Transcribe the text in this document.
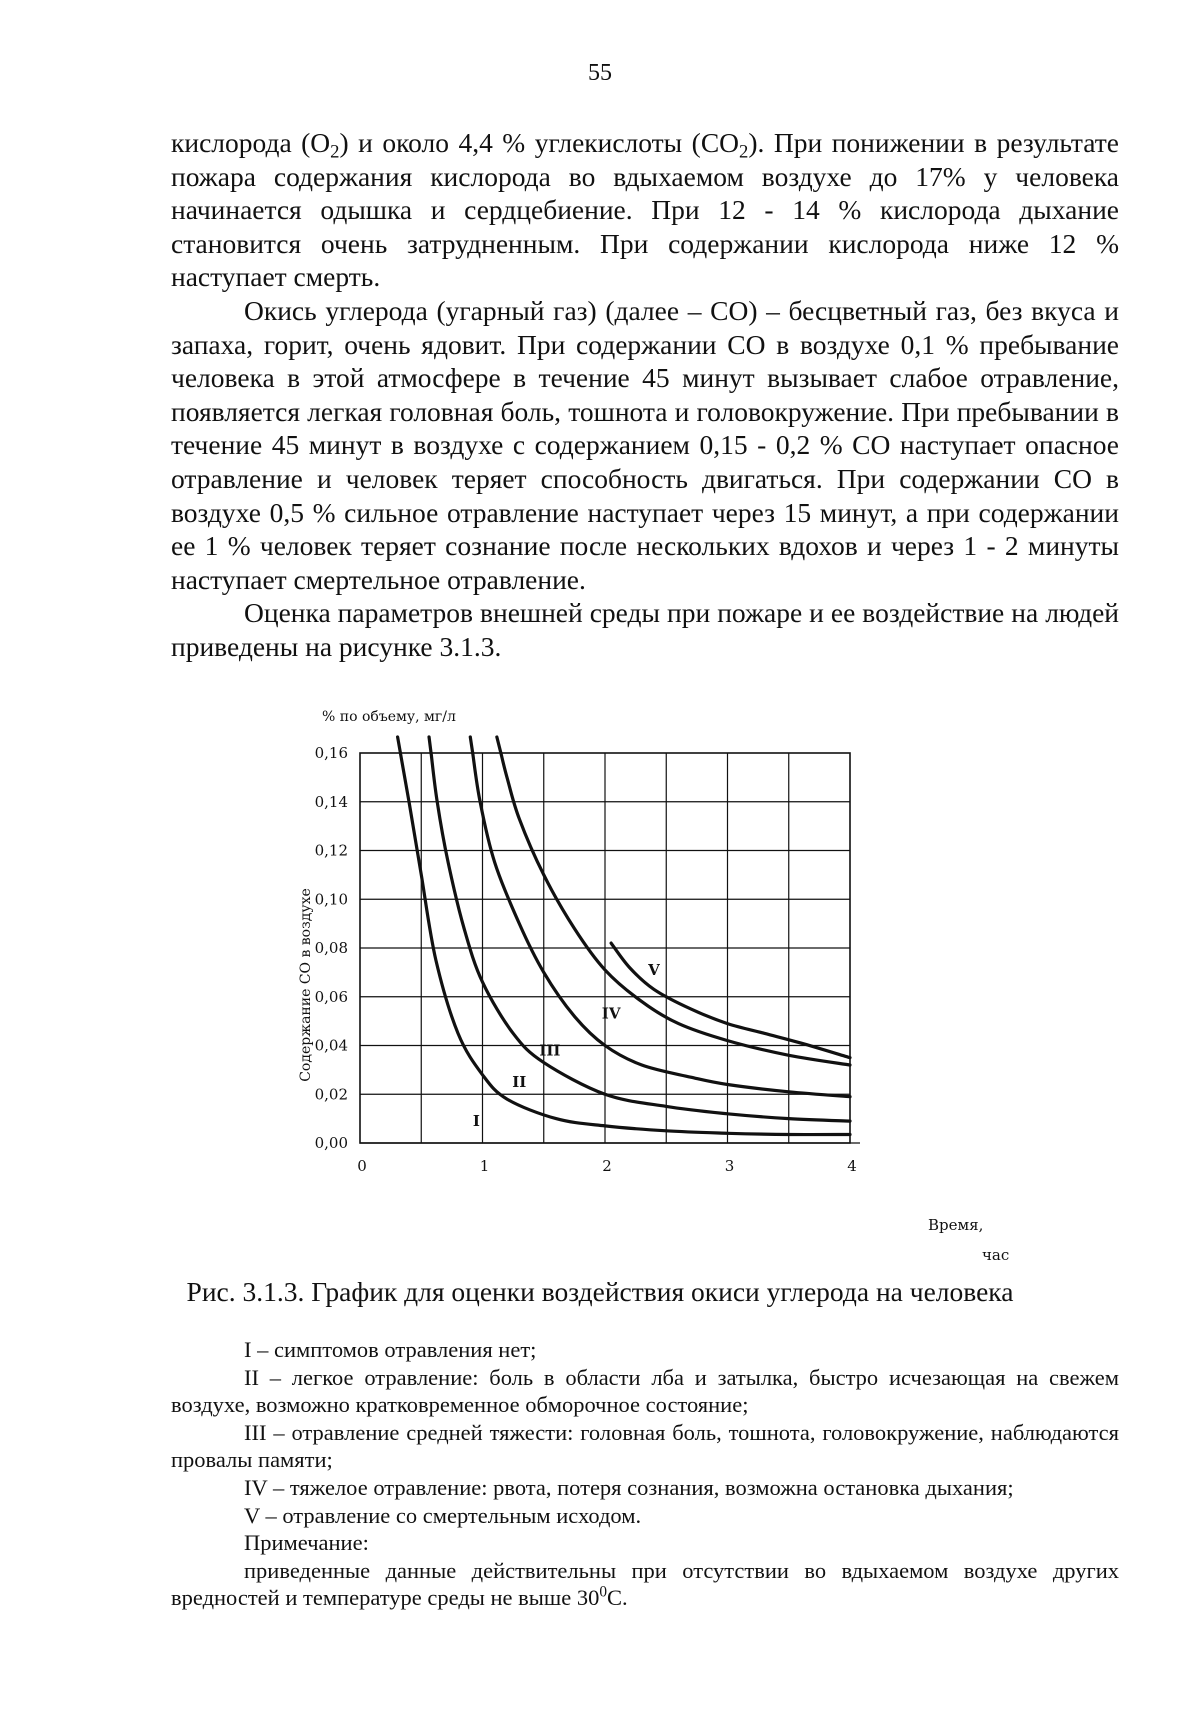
55

кислорода $(O_2)$ и около 4,4 % углекислоты $(CO_2)$. При понижении в результате пожара содержания кислорода во вдыхаемом воздухе до 17% у человека начинается одышка и сердцебиение. При 12 - 14 % кислорода дыхание становится очень затрудненным. При содержании кислорода ниже 12 % наступает смерть.

Окись углерода (угарный газ) (далее – СО) – бесцветный газ, без вкуса и запаха, горит, очень ядовит. При содержании СО в воздухе 0,1 % пребывание человека в этой атмосфере в течение 45 минут вызывает слабое отравление, появляется легкая головная боль, тошнота и головокружение. При пребывании в течение 45 минут в воздухе с содержанием 0,15 - 0,2 % СО наступает опасное отравление и человек теряет способность двигаться. При содержании СО в воздухе 0,5 % сильное отравление наступает через 15 минут, а при содержании ее 1 % человек теряет сознание после нескольких вдохов и через 1 - 2 минуты наступает смертельное отравление.

Оценка параметров внешней среды при пожаре и ее воздействие на людей приведены на рисунке 3.1.3.

0,00
0,02
0,04
0,06
0,08
0,10
0,12
0,14
0,16
0	1	2	3	4
I
II
III
IV
V
% по объему, мг/л
Содержание СО в воздухе
Время,
час
Рис. 3.1.3. График для оценки воздействия окиси углерода на человека

I – симптомов отравления нет;

II – легкое отравление: боль в области лба и затылка, быстро исчезающая на свежем воздухе, возможно кратковременное обморочное состояние;

III – отравление средней тяжести: головная боль, тошнота, головокружение, наблюдаются провалы памяти;

IV – тяжелое отравление: рвота, потеря сознания, возможна остановка дыхания;

V – отравление со смертельным исходом.

Примечание:

приведенные данные действительны при отсутствии во вдыхаемом воздухе других вредностей и температуре среды не выше $30^0С$.
